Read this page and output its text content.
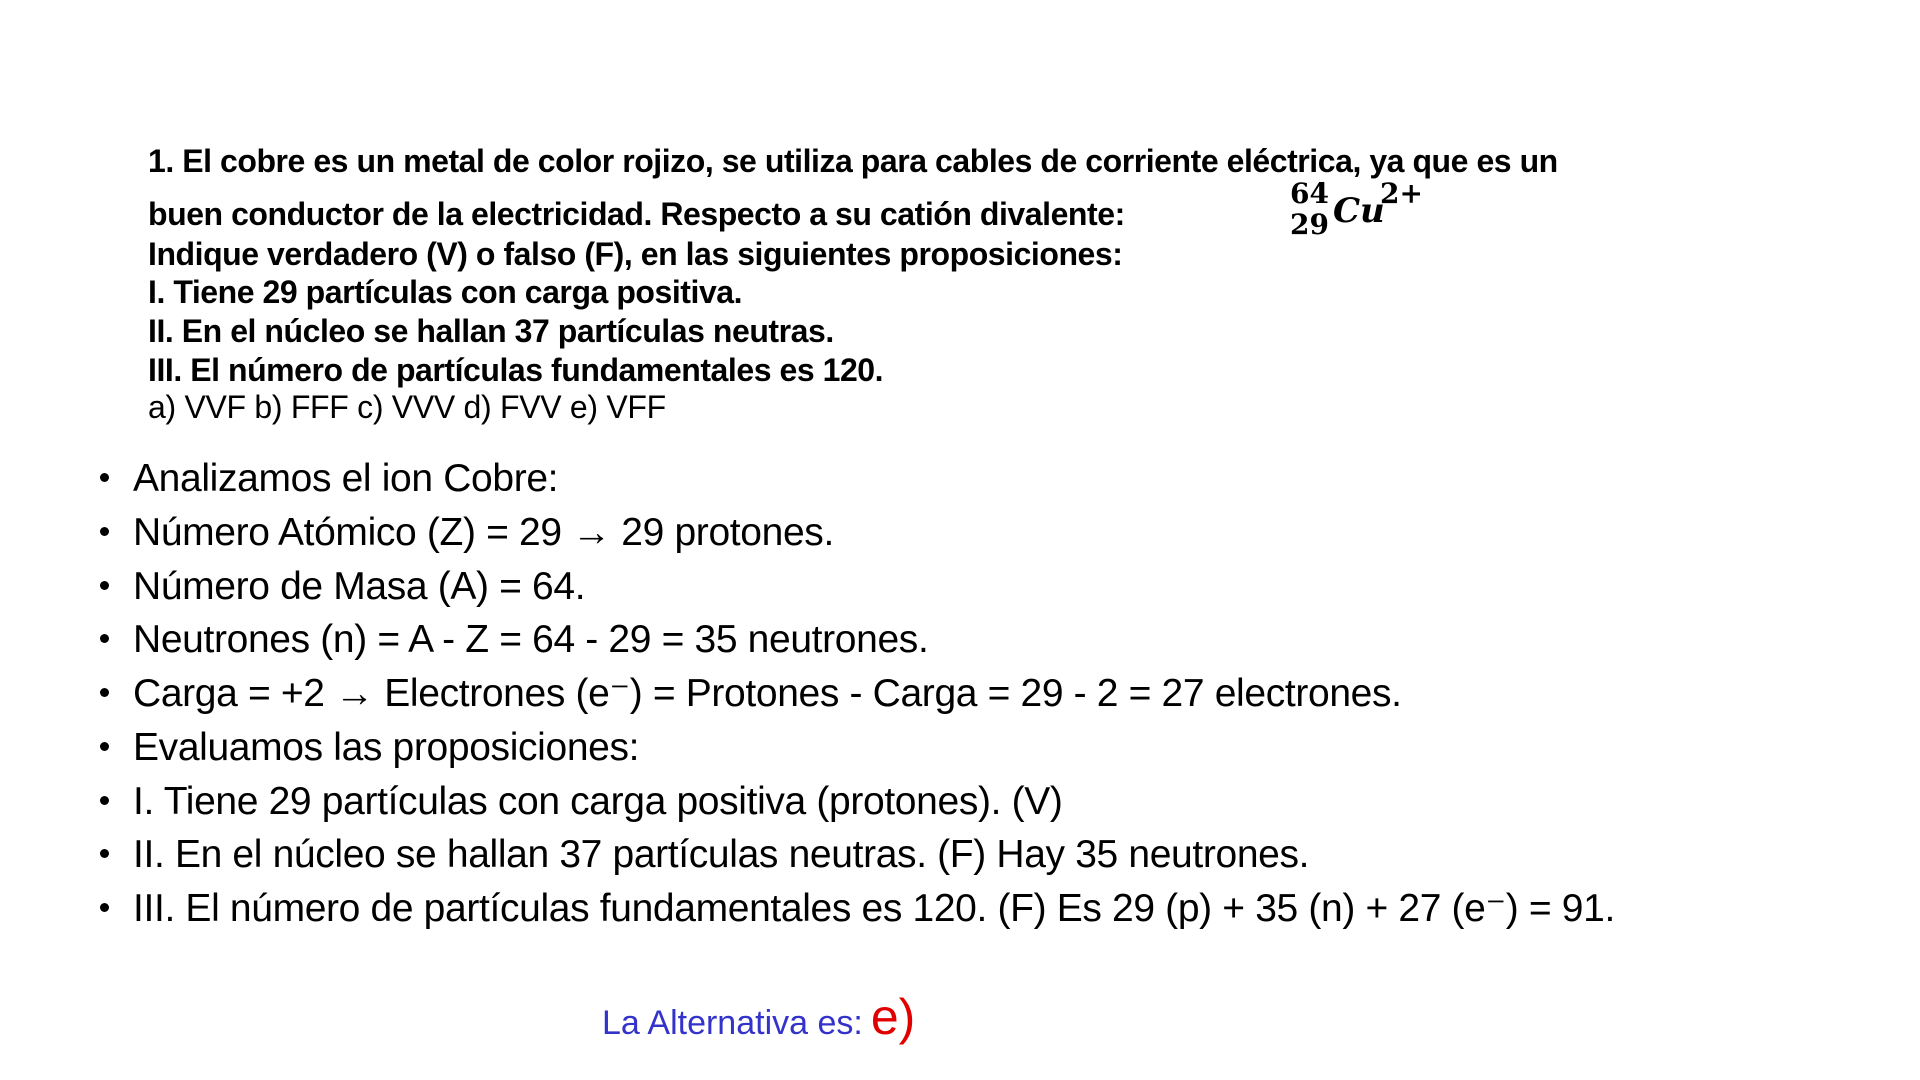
1. El cobre es un metal de color rojizo, se utiliza para cables de corriente eléctrica, ya que es un
buen conductor de la electricidad. Respecto a su catión divalente:
64
29 Cu
2+
Indique verdadero (V) o falso (F), en las siguientes proposiciones:
I. Tiene 29 partículas con carga positiva.
II. En el núcleo se hallan 37 partículas neutras.
III. El número de partículas fundamentales es 120.
a) VVF b) FFF c) VVV d) FVV e) VFF
Analizamos el ion Cobre:
Número Atómico (Z) = 29 → 29 protones.
Número de Masa (A) = 64.
Neutrones (n) = A - Z = 64 - 29 = 35 neutrones.
Carga = +2 → Electrones (e⁻) = Protones - Carga = 29 - 2 = 27 electrones.
Evaluamos las proposiciones:
I. Tiene 29 partículas con carga positiva (protones). (V)
II. En el núcleo se hallan 37 partículas neutras. (F) Hay 35 neutrones.
III. El número de partículas fundamentales es 120. (F) Es 29 (p) + 35 (n) + 27 (e⁻) = 91.
La Alternativa es: e)
